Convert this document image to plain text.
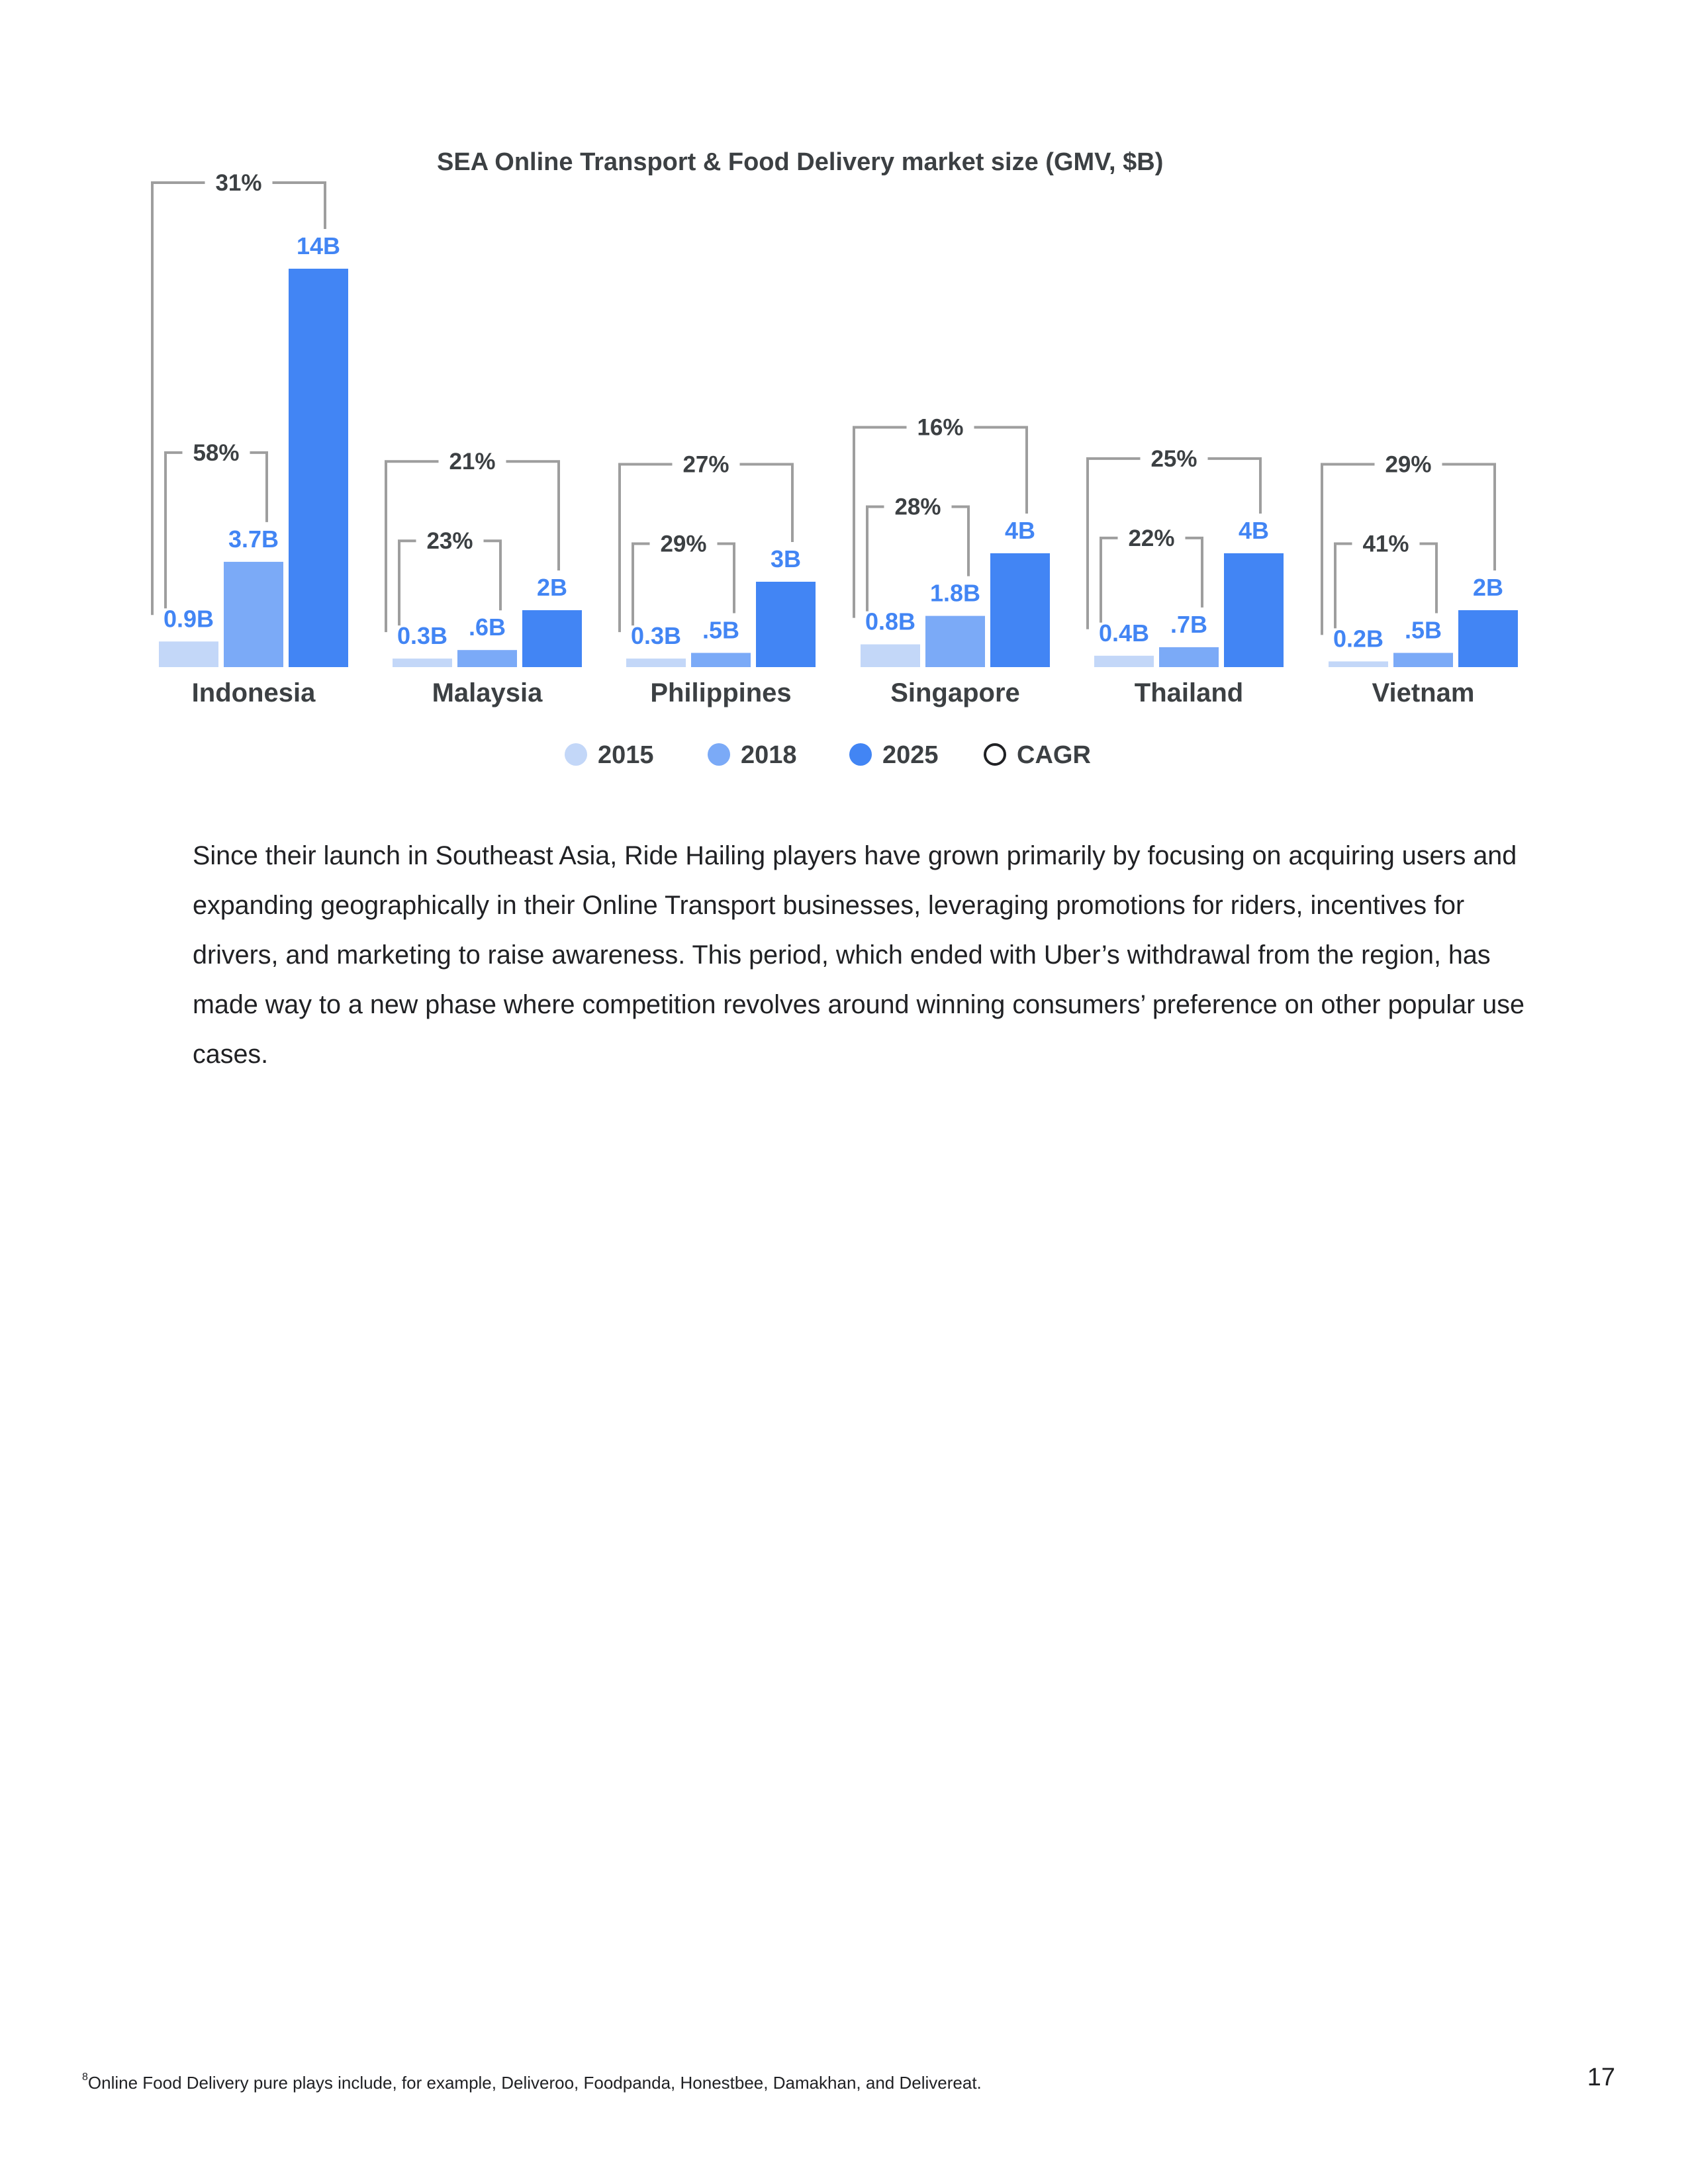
SEA Online Transport & Food Delivery market size (GMV, $B)
0.9B
3.7B
14B
Indonesia
58%
31%
0.3B .6B
2B
Malaysia
23%
21%
0.3B .5B
3B
Philippines
29%
27%
0.8B
1.8B
4B
Singapore
28%
16%
0.4B .7B
4B
Thailand
22%
25%
0.2B .5B
2B
Vietnam
41%
29%
2015	2018	2025	CAGR

Since their launch in Southeast Asia, Ride Hailing players have grown primarily by focusing on acquiring users and expanding geographically in their Online Transport businesses, leveraging promotions for riders, incentives for drivers, and marketing to raise awareness. This period, which ended with Uber’s withdrawal from the region, has made way to a new phase where competition revolves around winning consumers’ preference on other popular use cases.

$^8$Online Food Delivery pure plays include, for example, Deliveroo, Foodpanda, Honestbee, Damakhan, and Delivereat.	17
